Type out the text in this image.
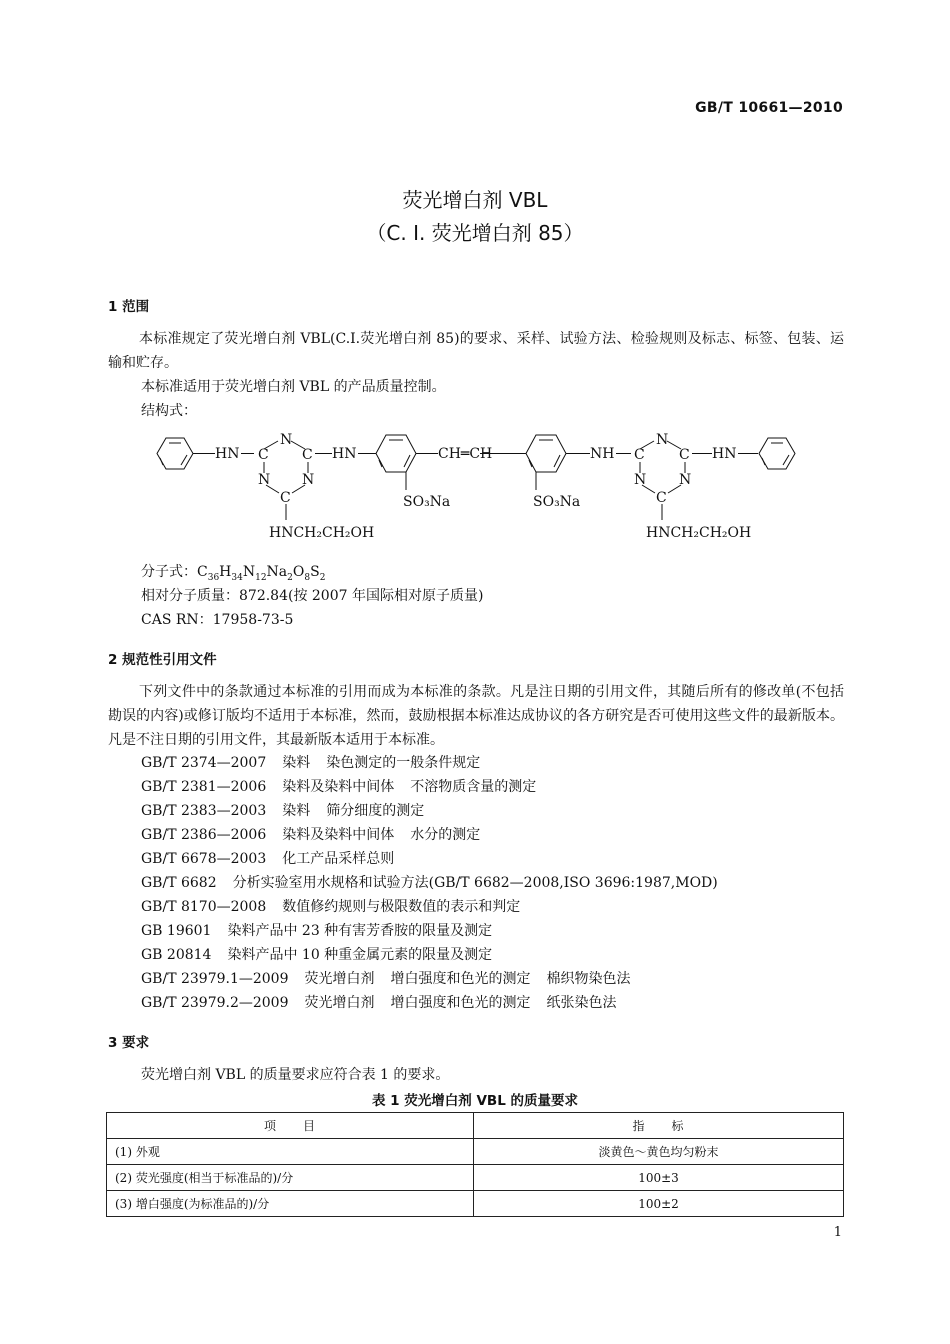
GB/T 10661—2010
荧光增白剂 VBL
（C. I. 荧光增白剂 85）
1 范围
本标准规定了荧光增白剂 VBL(C.I.荧光增白剂 85)的要求、采样、试验方法、检验规则及标志、标签、包装、运输和贮存。
本标准适用于荧光增白剂 VBL 的产品质量控制。
结构式：
HN
N
C C
N N
C
HN	CH═CH
SO₃Na	SO₃Na
NH
N
C C
N N
C
HN
HNCH₂CH₂OH	HNCH₂CH₂OH
分子式：$C_{36}H_{34}N_{12}Na_2O_8S_2$
相对分子质量：872.84(按 2007 年国际相对原子质量)
CAS RN：17958-73-5
2 规范性引用文件
下列文件中的条款通过本标准的引用而成为本标准的条款。凡是注日期的引用文件，其随后所有的修改单(不包括勘误的内容)或修订版均不适用于本标准，然而，鼓励根据本标准达成协议的各方研究是否可使用这些文件的最新版本。凡是不注日期的引用文件，其最新版本适用于本标准。
GB/T 2374—2007 染料 染色测定的一般条件规定
GB/T 2381—2006 染料及染料中间体 不溶物质含量的测定
GB/T 2383—2003 染料 筛分细度的测定
GB/T 2386—2006 染料及染料中间体 水分的测定
GB/T 6678—2003 化工产品采样总则
GB/T 6682 分析实验室用水规格和试验方法(GB/T 6682—2008,ISO 3696:1987,MOD)
GB/T 8170—2008 数值修约规则与极限数值的表示和判定
GB 19601 染料产品中 23 种有害芳香胺的限量及测定
GB 20814 染料产品中 10 种重金属元素的限量及测定
GB/T 23979.1—2009 荧光增白剂 增白强度和色光的测定 棉织物染色法
GB/T 23979.2—2009 荧光增白剂 增白强度和色光的测定 纸张染色法
3 要求
荧光增白剂 VBL 的质量要求应符合表 1 的要求。
表 1 荧光增白剂 VBL 的质量要求
项　　目	指　　标
(1) 外观	淡黄色～黄色均匀粉末
(2) 荧光强度(相当于标准品的)/分	100±3
(3) 增白强度(为标准品的)/分	100±2
1
